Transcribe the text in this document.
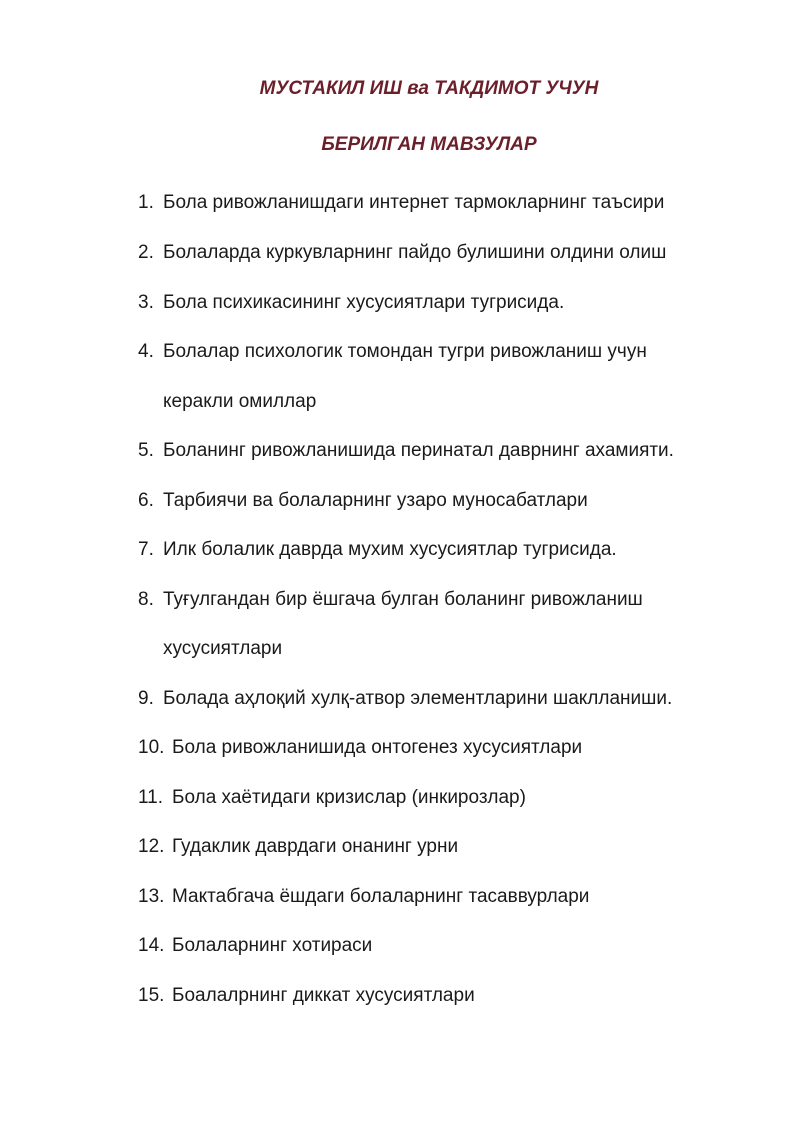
МУСТАКИЛ ИШ ва ТАКДИМОТ УЧУН
БЕРИЛГАН МАВЗУЛАР
1. Бола ривожланишдаги интернет тармокларнинг таъсири
2. Болаларда куркувларнинг пайдо булишини олдини олиш
3. Бола психикасининг хусусиятлари тугрисида.
4. Болалар психологик томондан тугри ривожланиш учун
керакли омиллар
5. Боланинг ривожланишида перинатал даврнинг ахамияти.
6. Тарбиячи ва болаларнинг узаро муносабатлари
7. Илк болалик даврда мухим хусусиятлар тугрисида.
8. Туғулгандан бир ёшгача булган боланинг ривожланиш
хусусиятлари
9. Болада аҳлоқий хулқ-атвор элементларини шаклланиши.
10. Бола ривожланишида онтогенез хусусиятлари
11. Бола хаётидаги кризислар (инкирозлар)
12. Гудаклик даврдаги онанинг урни
13. Мактабгача ёшдаги болаларнинг тасаввурлари
14. Болаларнинг хотираси
15. Боалалрнинг диккат хусусиятлари
